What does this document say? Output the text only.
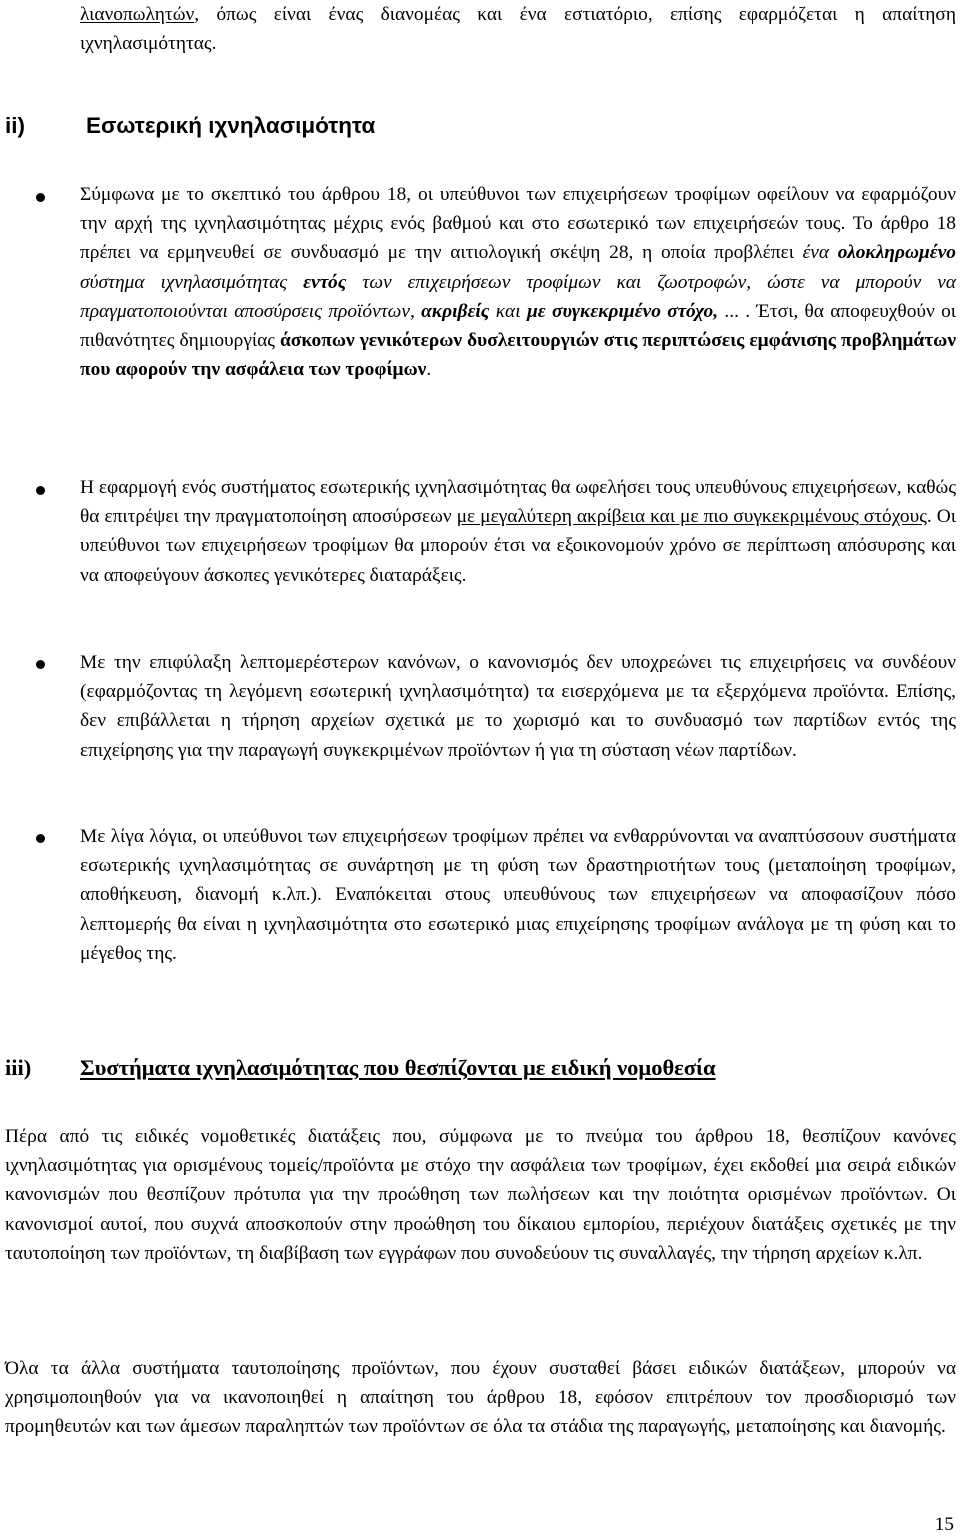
λιανοπωλητών, όπως είναι ένας διανομέας και ένα εστιατόριο, επίσης εφαρμόζεται η απαίτηση ιχνηλασιμότητας.

ii)	Εσωτερική ιχνηλασιμότητα

Σύμφωνα με το σκεπτικό του άρθρου 18, οι υπεύθυνοι των επιχειρήσεων τροφίμων οφείλουν να εφαρμόζουν την αρχή της ιχνηλασιμότητας μέχρις ενός βαθμού και στο εσωτερικό των επιχειρήσεών τους. Το άρθρο 18 πρέπει να ερμηνευθεί σε συνδυασμό με την αιτιολογική σκέψη 28, η οποία προβλέπει ένα ολοκληρωμένο σύστημα ιχνηλασιμότητας εντός των επιχειρήσεων τροφίμων και ζωοτροφών, ώστε να μπορούν να πραγματοποιούνται αποσύρσεις προϊόντων, ακριβείς και με συγκεκριμένο στόχο, ... . Έτσι, θα αποφευχθούν οι πιθανότητες δημιουργίας άσκοπων γενικότερων δυσλειτουργιών στις περιπτώσεις εμφάνισης προβλημάτων που αφορούν την ασφάλεια των τροφίμων.

Η εφαρμογή ενός συστήματος εσωτερικής ιχνηλασιμότητας θα ωφελήσει τους υπευθύνους επιχειρήσεων, καθώς θα επιτρέψει την πραγματοποίηση αποσύρσεων με μεγαλύτερη ακρίβεια και με πιο συγκεκριμένους στόχους. Οι υπεύθυνοι των επιχειρήσεων τροφίμων θα μπορούν έτσι να εξοικονομούν χρόνο σε περίπτωση απόσυρσης και να αποφεύγουν άσκοπες γενικότερες διαταράξεις.

Με την επιφύλαξη λεπτομερέστερων κανόνων, ο κανονισμός δεν υποχρεώνει τις επιχειρήσεις να συνδέουν (εφαρμόζοντας τη λεγόμενη εσωτερική ιχνηλασιμότητα) τα εισερχόμενα με τα εξερχόμενα προϊόντα. Επίσης, δεν επιβάλλεται η τήρηση αρχείων σχετικά με το χωρισμό και το συνδυασμό των παρτίδων εντός της επιχείρησης για την παραγωγή συγκεκριμένων προϊόντων ή για τη σύσταση νέων παρτίδων.

Με λίγα λόγια, οι υπεύθυνοι των επιχειρήσεων τροφίμων πρέπει να ενθαρρύνονται να αναπτύσσουν συστήματα εσωτερικής ιχνηλασιμότητας σε συνάρτηση με τη φύση των δραστηριοτήτων τους (μεταποίηση τροφίμων, αποθήκευση, διανομή κ.λπ.). Εναπόκειται στους υπευθύνους των επιχειρήσεων να αποφασίζουν πόσο λεπτομερής θα είναι η ιχνηλασιμότητα στο εσωτερικό μιας επιχείρησης τροφίμων ανάλογα με τη φύση και το μέγεθος της.

iii) Συστήματα ιχνηλασιμότητας που θεσπίζονται με ειδική νομοθεσία

Πέρα από τις ειδικές νομοθετικές διατάξεις που, σύμφωνα με το πνεύμα του άρθρου 18, θεσπίζουν κανόνες ιχνηλασιμότητας για ορισμένους τομείς/προϊόντα με στόχο την ασφάλεια των τροφίμων, έχει εκδοθεί μια σειρά ειδικών κανονισμών που θεσπίζουν πρότυπα για την προώθηση των πωλήσεων και την ποιότητα ορισμένων προϊόντων. Οι κανονισμοί αυτοί, που συχνά αποσκοπούν στην προώθηση του δίκαιου εμπορίου, περιέχουν διατάξεις σχετικές με την ταυτοποίηση των προϊόντων, τη διαβίβαση των εγγράφων που συνοδεύουν τις συναλλαγές, την τήρηση αρχείων κ.λπ.

Όλα τα άλλα συστήματα ταυτοποίησης προϊόντων, που έχουν συσταθεί βάσει ειδικών διατάξεων, μπορούν να χρησιμοποιηθούν για να ικανοποιηθεί η απαίτηση του άρθρου 18, εφόσον επιτρέπουν τον προσδιορισμό των προμηθευτών και των άμεσων παραληπτών των προϊόντων σε όλα τα στάδια της παραγωγής, μεταποίησης και διανομής.

15
